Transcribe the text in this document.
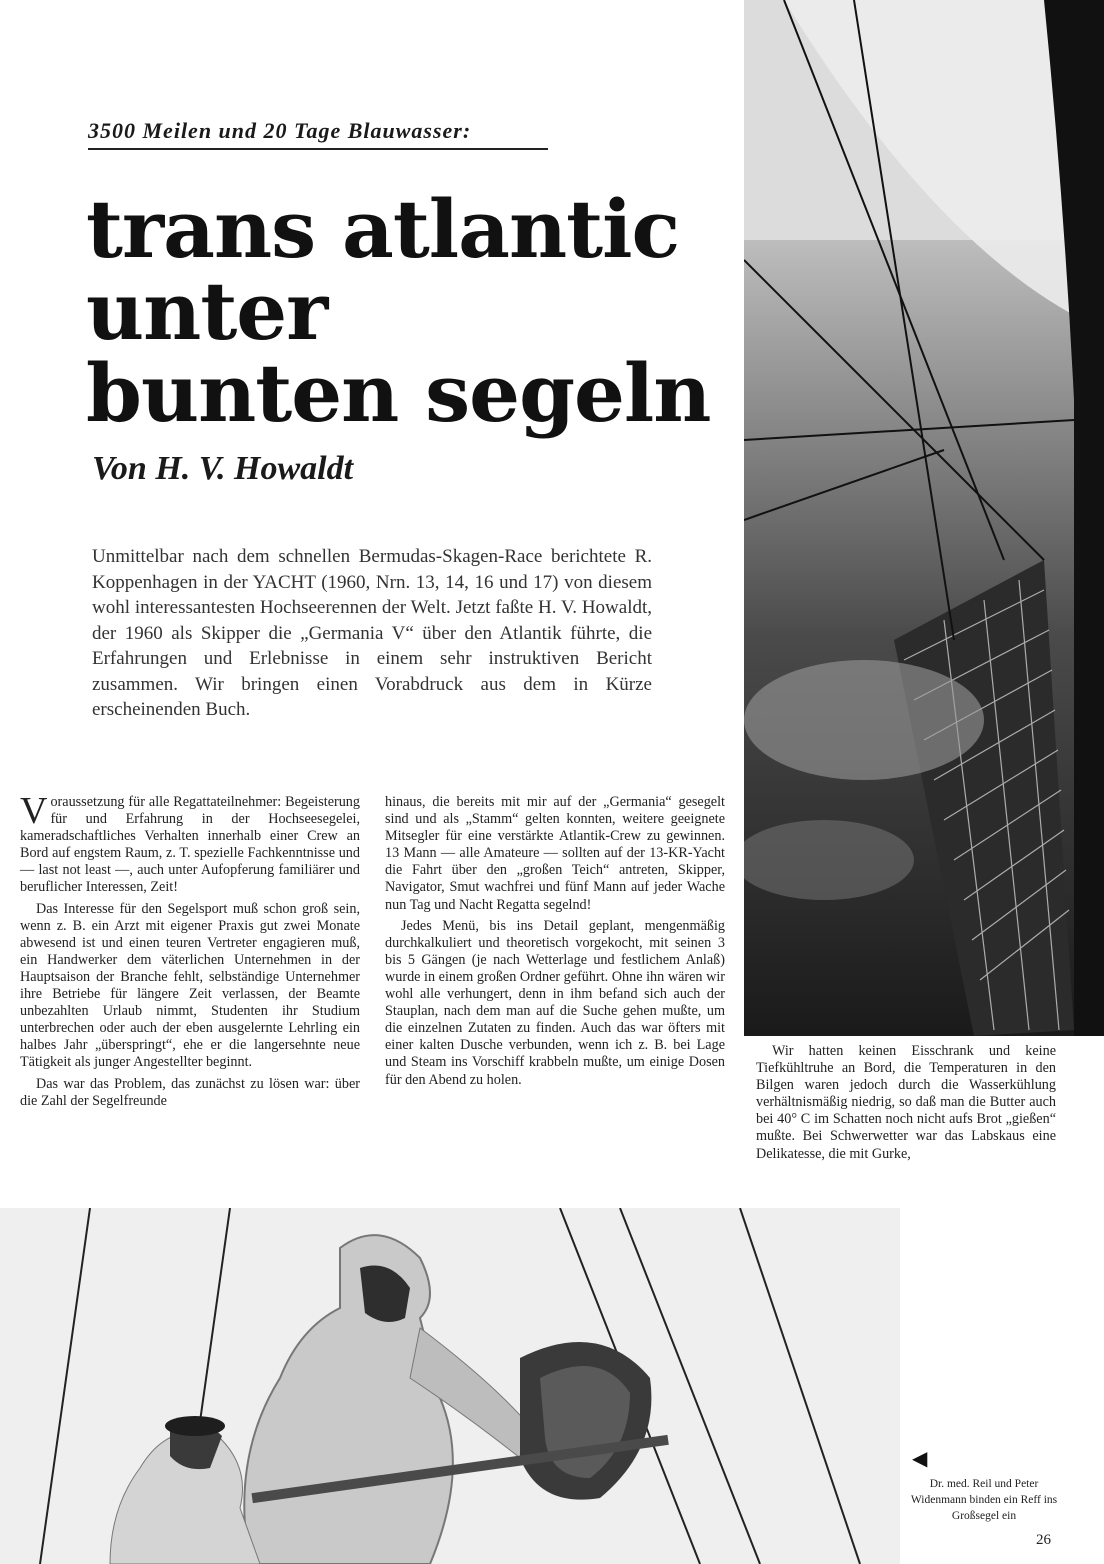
3500 Meilen und 20 Tage Blauwasser:
trans atlantic
unter
bunten segeln
Von H. V. Howaldt
Unmittelbar nach dem schnellen Bermudas-Skagen-Race berichtete R. Koppenhagen in der YACHT (1960, Nrn. 13, 14, 16 und 17) von diesem wohl interessantesten Hochseerennen der Welt. Jetzt faßte H. V. Howaldt, der 1960 als Skipper die „Germania V“ über den Atlantik führte, die Erfahrungen und Erlebnisse in einem sehr instruktiven Bericht zusammen. Wir bringen einen Vorabdruck aus dem in Kürze erscheinenden Buch.

Voraussetzung für alle Regattateilnehmer: Begeisterung für und Erfahrung in der Hochseesegelei, kameradschaftliches Verhalten innerhalb einer Crew an Bord auf engstem Raum, z. T. spezielle Fachkenntnisse und — last not least —, auch unter Aufopferung familiärer und beruflicher Interessen, Zeit!

Das Interesse für den Segelsport muß schon groß sein, wenn z. B. ein Arzt mit eigener Praxis gut zwei Monate abwesend ist und einen teuren Vertreter engagieren muß, ein Handwerker dem väterlichen Unternehmen in der Hauptsaison der Branche fehlt, selbständige Unternehmer ihre Betriebe für längere Zeit verlassen, der Beamte unbezahlten Urlaub nimmt, Studenten ihr Studium unterbrechen oder auch der eben ausgelernte Lehrling ein halbes Jahr „überspringt“, ehe er die langersehnte neue Tätigkeit als junger Angestellter beginnt.

Das war das Problem, das zunächst zu lösen war: über die Zahl der Segelfreunde

hinaus, die bereits mit mir auf der „Germania“ gesegelt sind und als „Stamm“ gelten konnten, weitere geeignete Mitsegler für eine verstärkte Atlantik-Crew zu gewinnen. 13 Mann — alle Amateure — sollten auf der 13-KR-Yacht die Fahrt über den „großen Teich“ antreten, Skipper, Navigator, Smut wachfrei und fünf Mann auf jeder Wache nun Tag und Nacht Regatta segelnd!

Jedes Menü, bis ins Detail geplant, mengenmäßig durchkalkuliert und theoretisch vorgekocht, mit seinen 3 bis 5 Gängen (je nach Wetterlage und festlichem Anlaß) wurde in einem großen Ordner geführt. Ohne ihn wären wir wohl alle verhungert, denn in ihm befand sich auch der Stauplan, nach dem man auf die Suche gehen mußte, um die einzelnen Zutaten zu finden. Auch das war öfters mit einer kalten Dusche verbunden, wenn ich z. B. bei Lage und Steam ins Vorschiff krabbeln mußte, um einige Dosen für den Abend zu holen.

Wir hatten keinen Eisschrank und keine Tiefkühltruhe an Bord, die Temperaturen in den Bilgen waren jedoch durch die Wasserkühlung verhältnismäßig niedrig, so daß man die Butter auch bei 40° C im Schatten noch nicht aufs Brot „gießen“ mußte. Bei Schwerwetter war das Labskaus eine Delikatesse, die mit Gurke,

◀
Dr. med. Reil und Peter Widenmann binden ein Reff ins Großsegel ein
26
